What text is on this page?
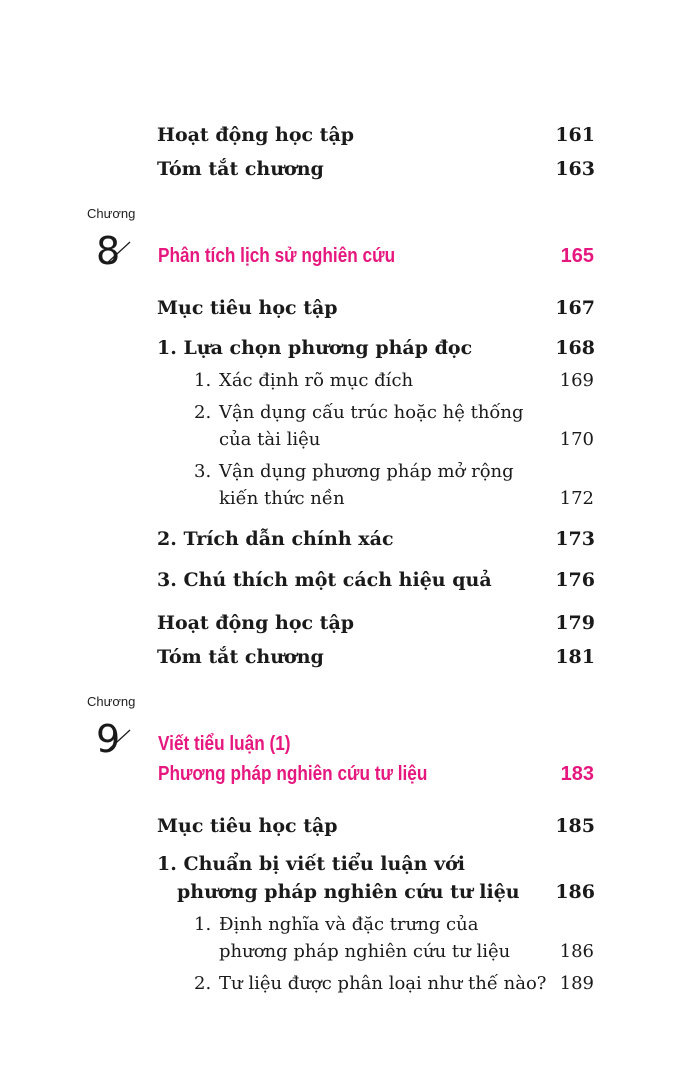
Hoạt động học tập	161
Tóm tắt chương	163
Chương
8 Phân tích lịch sử nghiên cứu	165
Mục tiêu học tập	167
1. Lựa chọn phương pháp đọc	168
1. Xác định rõ mục đích	169
2. Vận dụng cấu trúc hoặc hệ thống
của tài liệu	170
3. Vận dụng phương pháp mở rộng
kiến thức nền	172
2. Trích dẫn chính xác	173
3. Chú thích một cách hiệu quả	176
Hoạt động học tập	179
Tóm tắt chương	181
Chương
9 Viết tiểu luận (1)
Phương pháp nghiên cứu tư liệu	183
Mục tiêu học tập	185
1. Chuẩn bị viết tiểu luận với
phương pháp nghiên cứu tư liệu 186
1. Định nghĩa và đặc trưng của
phương pháp nghiên cứu tư liệu	186
2. Tư liệu được phân loại như thế nào? 189
